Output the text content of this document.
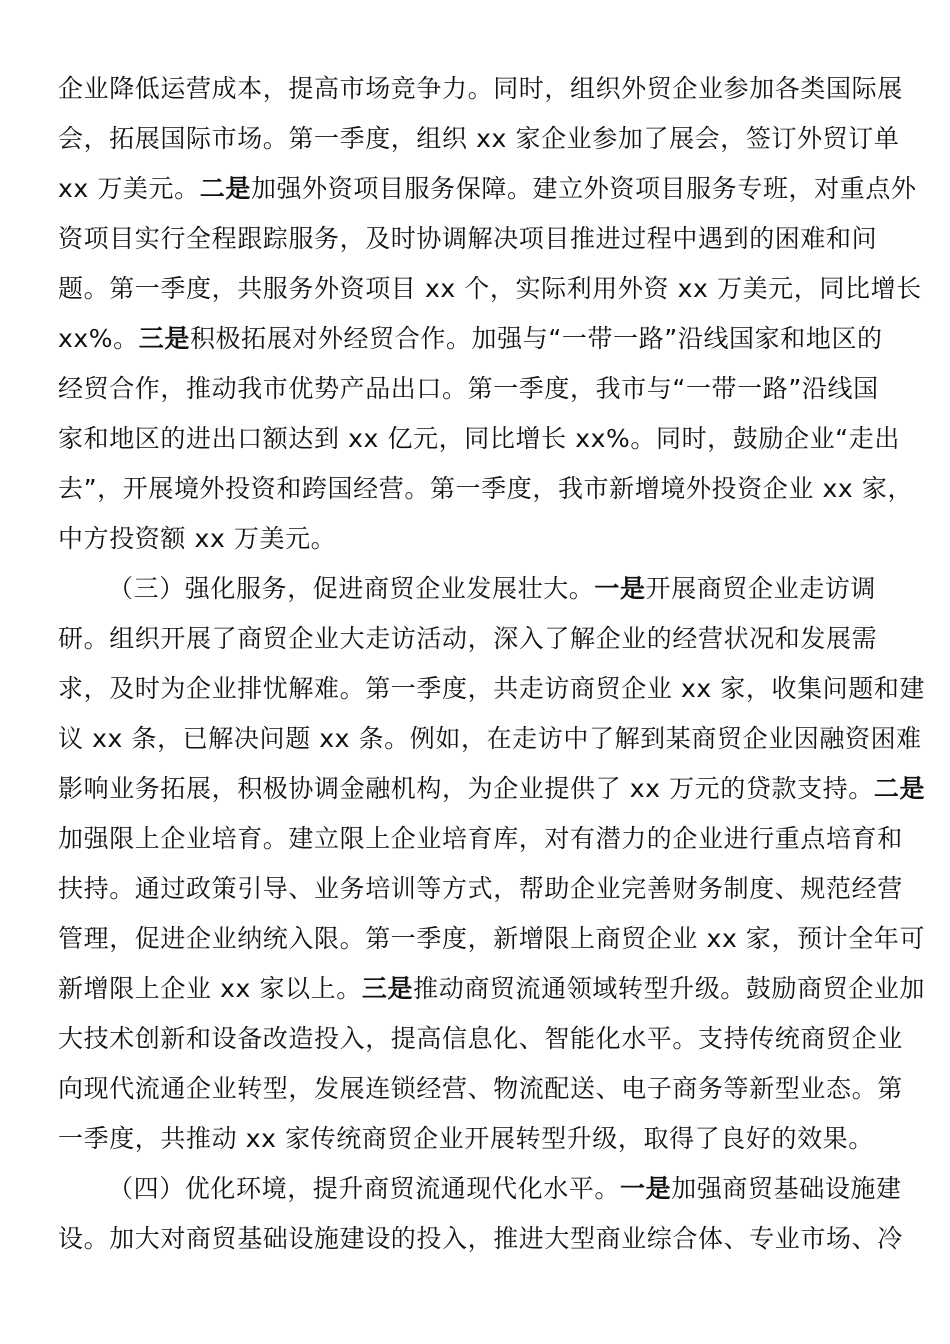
企业降低运营成本，提高市场竞争力。同时，组织外贸企业参加各类国际展
会，拓展国际市场。第一季度，组织 xx 家企业参加了展会，签订外贸订单
xx 万美元。二是加强外资项目服务保障。建立外资项目服务专班，对重点外
资项目实行全程跟踪服务，及时协调解决项目推进过程中遇到的困难和问
题。第一季度，共服务外资项目 xx 个，实际利用外资 xx 万美元，同比增长
xx%。三是积极拓展对外经贸合作。加强与“一带一路”沿线国家和地区的
经贸合作，推动我市优势产品出口。第一季度，我市与“一带一路”沿线国
家和地区的进出口额达到 xx 亿元，同比增长 xx%。同时，鼓励企业“走出
去”，开展境外投资和跨国经营。第一季度，我市新增境外投资企业 xx 家，
中方投资额 xx 万美元。
（三）强化服务，促进商贸企业发展壮大。一是开展商贸企业走访调
研。组织开展了商贸企业大走访活动，深入了解企业的经营状况和发展需
求，及时为企业排忧解难。第一季度，共走访商贸企业 xx 家，收集问题和建
议 xx 条，已解决问题 xx 条。例如，在走访中了解到某商贸企业因融资困难
影响业务拓展，积极协调金融机构，为企业提供了 xx 万元的贷款支持。二是
加强限上企业培育。建立限上企业培育库，对有潜力的企业进行重点培育和
扶持。通过政策引导、业务培训等方式，帮助企业完善财务制度、规范经营
管理，促进企业纳统入限。第一季度，新增限上商贸企业 xx 家，预计全年可
新增限上企业 xx 家以上。三是推动商贸流通领域转型升级。鼓励商贸企业加
大技术创新和设备改造投入，提高信息化、智能化水平。支持传统商贸企业
向现代流通企业转型，发展连锁经营、物流配送、电子商务等新型业态。第
一季度，共推动 xx 家传统商贸企业开展转型升级，取得了良好的效果。
（四）优化环境，提升商贸流通现代化水平。一是加强商贸基础设施建
设。加大对商贸基础设施建设的投入，推进大型商业综合体、专业市场、冷
